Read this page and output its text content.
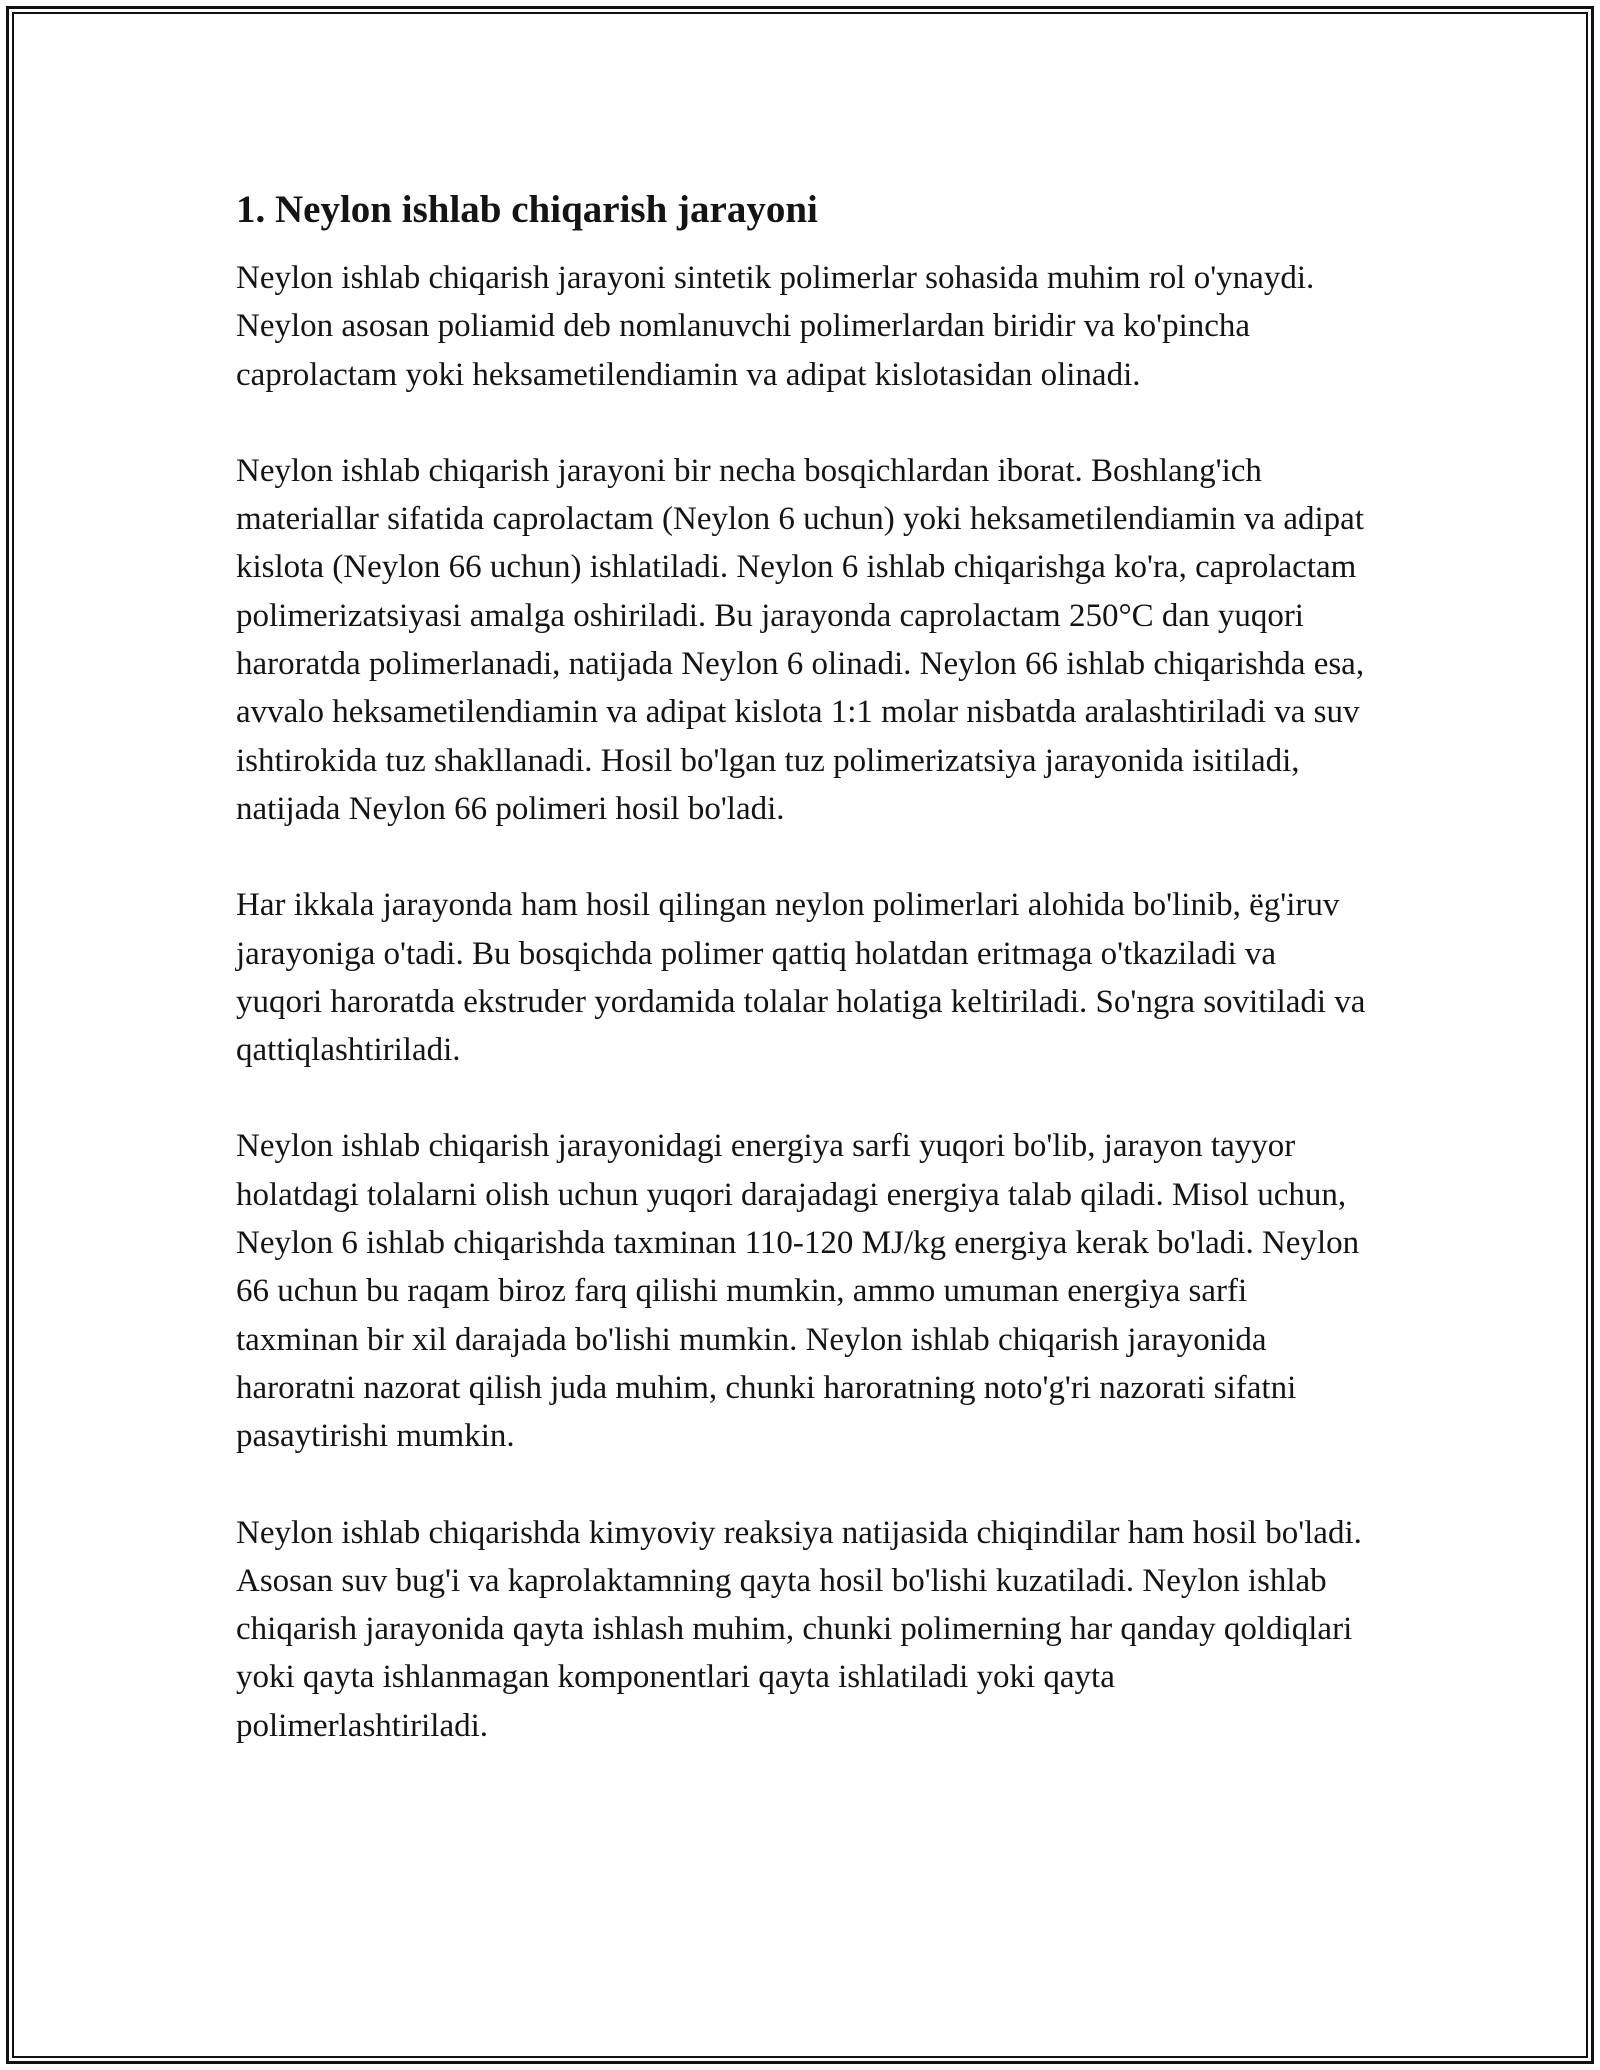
1. Neylon ishlab chiqarish jarayoni

Neylon ishlab chiqarish jarayoni sintetik polimerlar sohasida muhim rol o'ynaydi. Neylon asosan poliamid deb nomlanuvchi polimerlardan biridir va ko'pincha caprolactam yoki heksametilendiamin va adipat kislotasidan olinadi.

Neylon ishlab chiqarish jarayoni bir necha bosqichlardan iborat. Boshlang'ich materiallar sifatida caprolactam (Neylon 6 uchun) yoki heksametilendiamin va adipat kislota (Neylon 66 uchun) ishlatiladi. Neylon 6 ishlab chiqarishga ko'ra, caprolactam polimerizatsiyasi amalga oshiriladi. Bu jarayonda caprolactam 250°C dan yuqori haroratda polimerlanadi, natijada Neylon 6 olinadi. Neylon 66 ishlab chiqarishda esa, avvalo heksametilendiamin va adipat kislota 1:1 molar nisbatda aralashtiriladi va suv ishtirokida tuz shakllanadi. Hosil bo'lgan tuz polimerizatsiya jarayonida isitiladi, natijada Neylon 66 polimeri hosil bo'ladi.

Har ikkala jarayonda ham hosil qilingan neylon polimerlari alohida bo'linib, ëg'iruv jarayoniga o'tadi. Bu bosqichda polimer qattiq holatdan eritmaga o'tkaziladi va yuqori haroratda ekstruder yordamida tolalar holatiga keltiriladi. So'ngra sovitiladi va qattiqlashtiriladi.

Neylon ishlab chiqarish jarayonidagi energiya sarfi yuqori bo'lib, jarayon tayyor holatdagi tolalarni olish uchun yuqori darajadagi energiya talab qiladi. Misol uchun, Neylon 6 ishlab chiqarishda taxminan 110-120 MJ/kg energiya kerak bo'ladi. Neylon 66 uchun bu raqam biroz farq qilishi mumkin, ammo umuman energiya sarfi taxminan bir xil darajada bo'lishi mumkin. Neylon ishlab chiqarish jarayonida haroratni nazorat qilish juda muhim, chunki haroratning noto'g'ri nazorati sifatni pasaytirishi mumkin.

Neylon ishlab chiqarishda kimyoviy reaksiya natijasida chiqindilar ham hosil bo'ladi. Asosan suv bug'i va kaprolaktamning qayta hosil bo'lishi kuzatiladi. Neylon ishlab chiqarish jarayonida qayta ishlash muhim, chunki polimerning har qanday qoldiqlari yoki qayta ishlanmagan komponentlari qayta ishlatiladi yoki qayta polimerlashtiriladi.
